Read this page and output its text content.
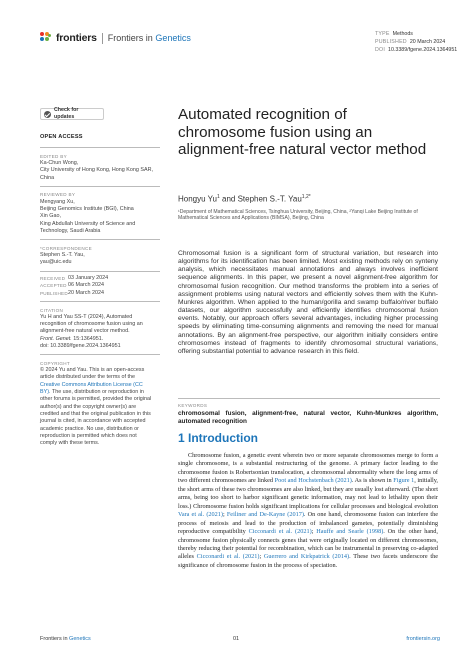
frontiers Frontiers in Genetics	TYPE Methods
PUBLISHED 20 March 2024
DOI 10.3389/fgene.2024.1364951
Check for updates
OPEN ACCESS
EDITED BY
Ka-Chun Wong,
City University of Hong Kong, Hong Kong SAR,
China
REVIEWED BY
Mengyang Xu,
Beijing Genomics Institute (BGI), China
Xin Gao,
King Abdullah University of Science and
Technology, Saudi Arabia
*CORRESPONDENCE
Stephen S.-T. Yau,
yau@uic.edu
RECEIVED 03 January 2024
ACCEPTED 06 March 2024
PUBLISHED 20 March 2024
CITATION
Yu H and Yau SS-T (2024), Automated
recognition of chromosome fusion using an
alignment-free natural vector method.
Front. Genet. 15:1364951.
doi: 10.3389/fgene.2024.1364951
COPYRIGHT
© 2024 Yu and Yau. This is an open-access article distributed under the terms of the Creative Commons Attribution License (CC BY). The use, distribution or reproduction in other forums is permitted, provided the original author(s) and the copyright owner(s) are credited and that the original publication in this journal is cited, in accordance with accepted academic practice. No use, distribution or reproduction is permitted which does not comply with these terms.
Automated recognition of chromosome fusion using an alignment-free natural vector method
Hongyu Yu$^1$ and Stephen S.-T. Yau$^{1,2*}$
¹Department of Mathematical Sciences, Tsinghua University, Beijing, China, ²Yanqi Lake Beijing Institute of Mathematical Sciences and Applications (BIMSA), Beijing, China
Chromosomal fusion is a significant form of structural variation, but research into algorithms for its identification has been limited. Most existing methods rely on synteny analysis, which necessitates manual annotations and always involves inefficient sequence alignments. In this paper, we present a novel alignment-free algorithm for chromosomal fusion recognition. Our method transforms the problem into a series of assignment problems using natural vectors and efficiently solves them with the Kuhn-Munkres algorithm. When applied to the human/gorilla and swamp buffalo/river buffalo datasets, our algorithm successfully and efficiently identifies chromosomal fusion events. Notably, our approach offers several advantages, including higher processing speeds by eliminating time-consuming alignments and removing the need for manual annotations. By an alignment-free perspective, our algorithm initially considers entire chromosomes instead of fragments to identify chromosomal structural variations, offering substantial potential to advance research in this field.
KEYWORDS
chromosomal fusion, alignment-free, natural vector, Kuhn-Munkres algorithm, automated recognition
1 Introduction
Chromosome fusion, a genetic event wherein two or more separate chromosomes merge to form a single chromosome, is a substantial restructuring of the genome. A primary factor leading to the chromosome fusion is Robertsonian translocation, a chromosomal abnormality where the long arms of two different chromosomes are linked Poot and Hochstenbach (2021). As is shown in Figure 1, initially, the short arms of these two chromosomes are also linked, but they are usually lost afterward. (The short arms, being too short to harbor significant genetic information, may not lead to lethality upon their loss.) Chromosome fusion holds significant implications for cellular processes and biological evolution Vara et al. (2021); Feiliner and De-Kayne (2017). On one hand, chromosome fusion can interfere the process of meiosis and lead to the production of imbalanced gametes, potentially diminishing reproductive compatibility Cicconardi et al. (2021); Hauffe and Searle (1998). On the other hand, chromosome fusion physically connects genes that were originally located on different chromosomes, thereby reducing their potential for recombination, which can be instrumental in preserving co-adapted alleles Cicconardi et al. (2021); Guerrero and Kirkpatrick (2014). These two facets underscore the significance of chromosome fusion in the process of speciation.
Frontiers in Genetics	01	frontiersin.org
